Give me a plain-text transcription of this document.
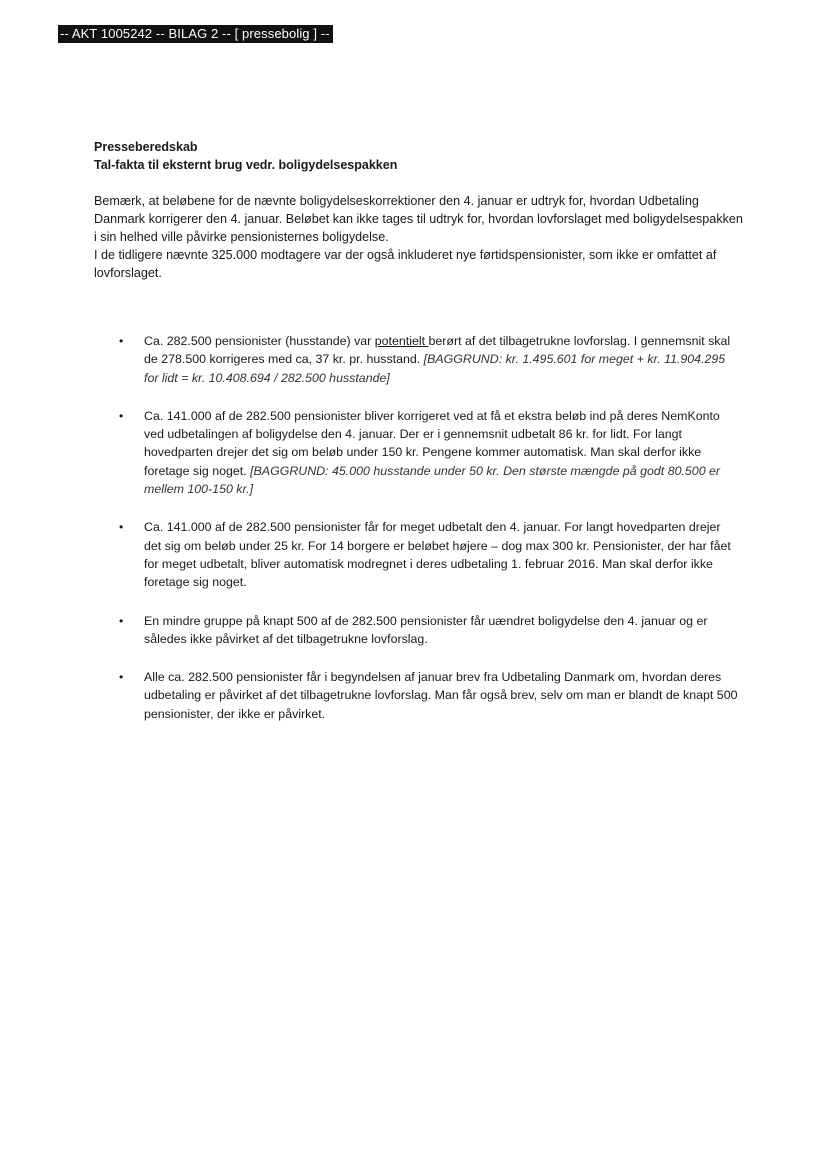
-- AKT 1005242 -- BILAG 2 -- [ pressebolig ] --

Presseberedskab

Tal-fakta til eksternt brug vedr. boligydelsespakken

Bemærk, at beløbene for de nævnte boligydelseskorrektioner den 4. januar er udtryk for, hvordan Udbetaling Danmark korrigerer den 4. januar. Beløbet kan ikke tages til udtryk for, hvordan lovforslaget med boligydelsespakken i sin helhed ville påvirke pensionisternes boligydelse.
I de tidligere nævnte 325.000 modtagere var der også inkluderet nye førtidspensionister, som ikke er omfattet af lovforslaget.

• Ca. 282.500 pensionister (husstande) var potentielt berørt af det tilbagetrukne lovforslag. I gennemsnit skal de 278.500 korrigeres med ca, 37 kr. pr. husstand. [BAGGRUND: kr. 1.495.601 for meget + kr. 11.904.295 for lidt = kr. 10.408.694 / 282.500 husstande]
• Ca. 141.000 af de 282.500 pensionister bliver korrigeret ved at få et ekstra beløb ind på deres NemKonto ved udbetalingen af boligydelse den 4. januar. Der er i gennemsnit udbetalt 86 kr. for lidt. For langt hovedparten drejer det sig om beløb under 150 kr. Pengene kommer automatisk. Man skal derfor ikke foretage sig noget. [BAGGRUND: 45.000 husstande under 50 kr. Den største mængde på godt 80.500 er mellem 100-150 kr.]
• Ca. 141.000 af de 282.500 pensionister får for meget udbetalt den 4. januar. For langt hovedparten drejer det sig om beløb under 25 kr. For 14 borgere er beløbet højere – dog max 300 kr. Pensionister, der har fået for meget udbetalt, bliver automatisk modregnet i deres udbetaling 1. februar 2016. Man skal derfor ikke foretage sig noget.
• En mindre gruppe på knapt 500 af de 282.500 pensionister får uændret boligydelse den 4. januar og er således ikke påvirket af det tilbagetrukne lovforslag.
• Alle ca. 282.500 pensionister får i begyndelsen af januar brev fra Udbetaling Danmark om, hvordan deres udbetaling er påvirket af det tilbagetrukne lovforslag. Man får også brev, selv om man er blandt de knapt 500 pensionister, der ikke er påvirket.
